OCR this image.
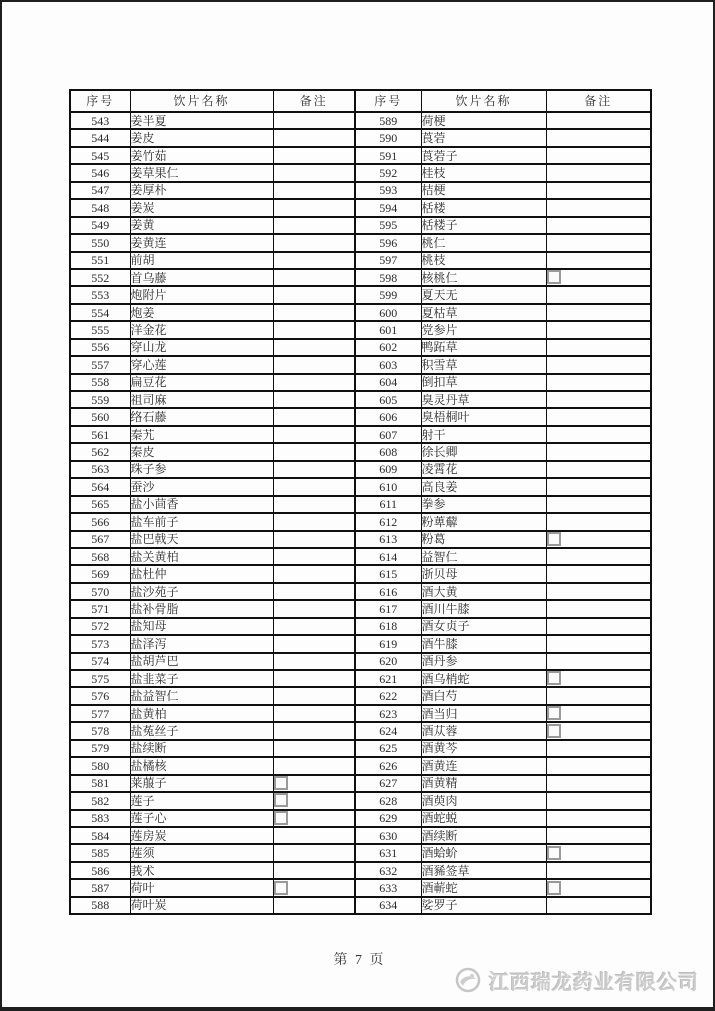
序号	饮片名称	备注
543	姜半夏	
544	姜皮	
545	姜竹茹	
546	姜草果仁	
547	姜厚朴	
548	姜炭	
549	姜黄	
550	姜黄连	
551	前胡	
552	首乌藤	
553	炮附片	
554	炮姜	
555	洋金花	
556	穿山龙	
557	穿心莲	
558	扁豆花	
559	祖司麻	
560	络石藤	
561	秦艽	
562	秦皮	
563	珠子参	
564	蚕沙	
565	盐小茴香	
566	盐车前子	
567	盐巴戟天	
568	盐关黄柏	
569	盐杜仲	
570	盐沙苑子	
571	盐补骨脂	
572	盐知母	
573	盐泽泻	
574	盐胡芦巴	
575	盐韭菜子	
576	盐益智仁	
577	盐黄柏	
578	盐菟丝子	
579	盐续断	
580	盐橘核	
581	莱菔子	
582	莲子	
583	莲子心	
584	莲房炭	
585	莲须	
586	莪术	
587	荷叶	
588	荷叶炭	
序号	饮片名称	备注
589	荷梗	
590	莨菪	
591	莨菪子	
592	桂枝	
593	桔梗	
594	栝楼	
595	栝楼子	
596	桃仁	
597	桃枝	
598	核桃仁	
599	夏天无	
600	夏枯草	
601	党参片	
602	鸭跖草	
603	积雪草	
604	倒扣草	
605	臭灵丹草	
606	臭梧桐叶	
607	射干	
608	徐长卿	
609	凌霄花	
610	高良姜	
611	拳参	
612	粉萆薢	
613	粉葛	
614	益智仁	
615	浙贝母	
616	酒大黄	
617	酒川牛膝	
618	酒女贞子	
619	酒牛膝	
620	酒丹参	
621	酒乌梢蛇	
622	酒白芍	
623	酒当归	
624	酒苁蓉	
625	酒黄芩	
626	酒黄连	
627	酒黄精	
628	酒萸肉	
629	酒蛇蜕	
630	酒续断	
631	酒蛤蚧	
632	酒豨签草	
633	酒蕲蛇	
634	娑罗子	
第 7 页
江西瑞龙药业有限公司
